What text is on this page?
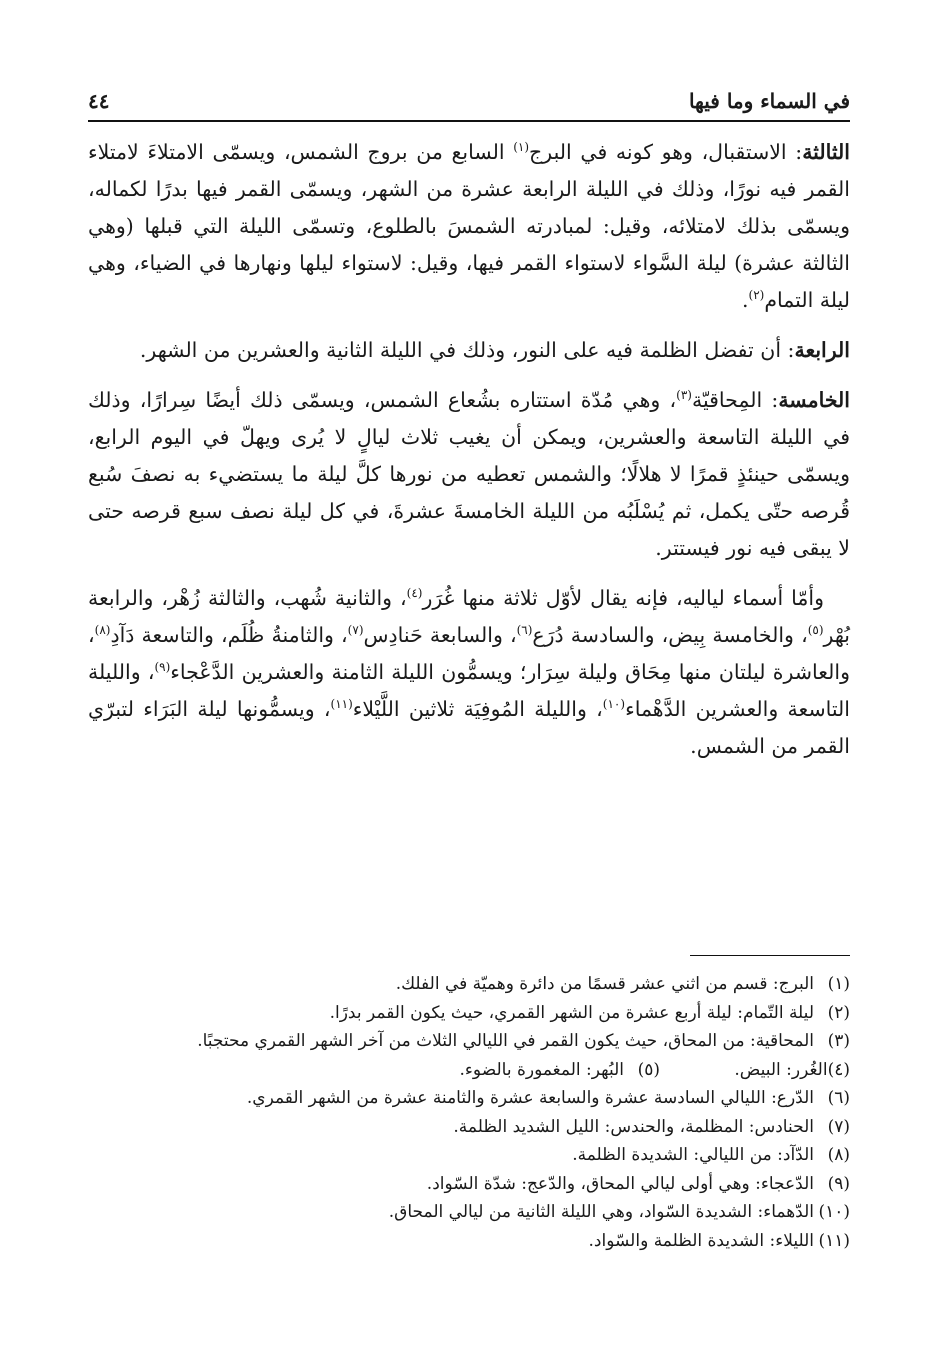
٤٤	في السماء وما فيها

الثالثة: الاستقبال، وهو كونه في البرج$^{(١)}$ السابع من بروج الشمس، ويسمّى الامتلاءَ لامتلاء القمر فيه نورًا، وذلك في الليلة الرابعة عشرة من الشهر، ويسمّى القمر فيها بدرًا لكماله، ويسمّى بذلك لامتلائه، وقيل: لمبادرته الشمسَ بالطلوع، وتسمّى الليلة التي قبلها (وهي الثالثة عشرة) ليلة السَّواء لاستواء القمر فيها، وقيل: لاستواء ليلها ونهارها في الضياء، وهي ليلة التمام$^{(٢)}$.

الرابعة: أن تفضل الظلمة فيه على النور، وذلك في الليلة الثانية والعشرين من الشهر.

الخامسة: المِحاقيّة$^{(٣)}$، وهي مُدّة استتاره بشُعاع الشمس، ويسمّى ذلك أيضًا سِرارًا، وذلك في الليلة التاسعة والعشرين، ويمكن أن يغيب ثلاث ليالٍ لا يُرى ويهلّ في اليوم الرابع، ويسمّى حينئذٍ قمرًا لا هلالًا؛ والشمس تعطيه من نورها كلَّ ليلة ما يستضيء به نصفَ سُبع قُرصه حتّى يكمل، ثم يُسْلَبُه من الليلة الخامسةَ عشرةَ، في كل ليلة نصف سبع قرصه حتى لا يبقى فيه نور فيستتر.

وأمّا أسماء لياليه، فإنه يقال لأوّل ثلاثة منها غُرَر$^{(٤)}$، والثانية شُهب، والثالثة زُهْر، والرابعة بُهْر$^{(٥)}$، والخامسة بِيض، والسادسة دُرَع$^{(٦)}$، والسابعة حَنادِس$^{(٧)}$، والثامنةُ ظُلَم، والتاسعة دَآدِ$^{(٨)}$، والعاشرة ليلتان منها مِحَاق وليلة سِرَار؛ ويسمُّون الليلة الثامنة والعشرين الدَّعْجاء$^{(٩)}$، والليلة التاسعة والعشرين الدَّهْماء$^{(١٠)}$، والليلة المُوفِيَة ثلاثين اللَّيْلاء$^{(١١)}$، ويسمُّونها ليلة البَرَاء لتبرّي القمر من الشمس.

(١)
البرج: قسم من اثني عشر قسمًا من دائرة وهميّة في الفلك.
(٢)
ليلة التّمام: ليلة أربع عشرة من الشهر القمري، حيث يكون القمر بدرًا.
(٣)
المحاقية: من المحاق، حيث يكون القمر في الليالي الثلاث من آخر الشهر القمري محتجبًا.
(٤)
الغُرر: البيض.
(٥)
البُهر: المغمورة بالضوء.
(٦)
الدّرع: الليالي السادسة عشرة والسابعة عشرة والثامنة عشرة من الشهر القمري.
(٧)
الحنادس: المظلمة، والحندس: الليل الشديد الظلمة.
(٨)
الدّآد: من الليالي: الشديدة الظلمة.
(٩)
الدّعجاء: وهي أولى ليالي المحاق، والدّعج: شدّة السّواد.
(١٠)
الدّهماء: الشديدة السّواد، وهي الليلة الثانية من ليالي المحاق.
(١١)
الليلاء: الشديدة الظلمة والسّواد.
